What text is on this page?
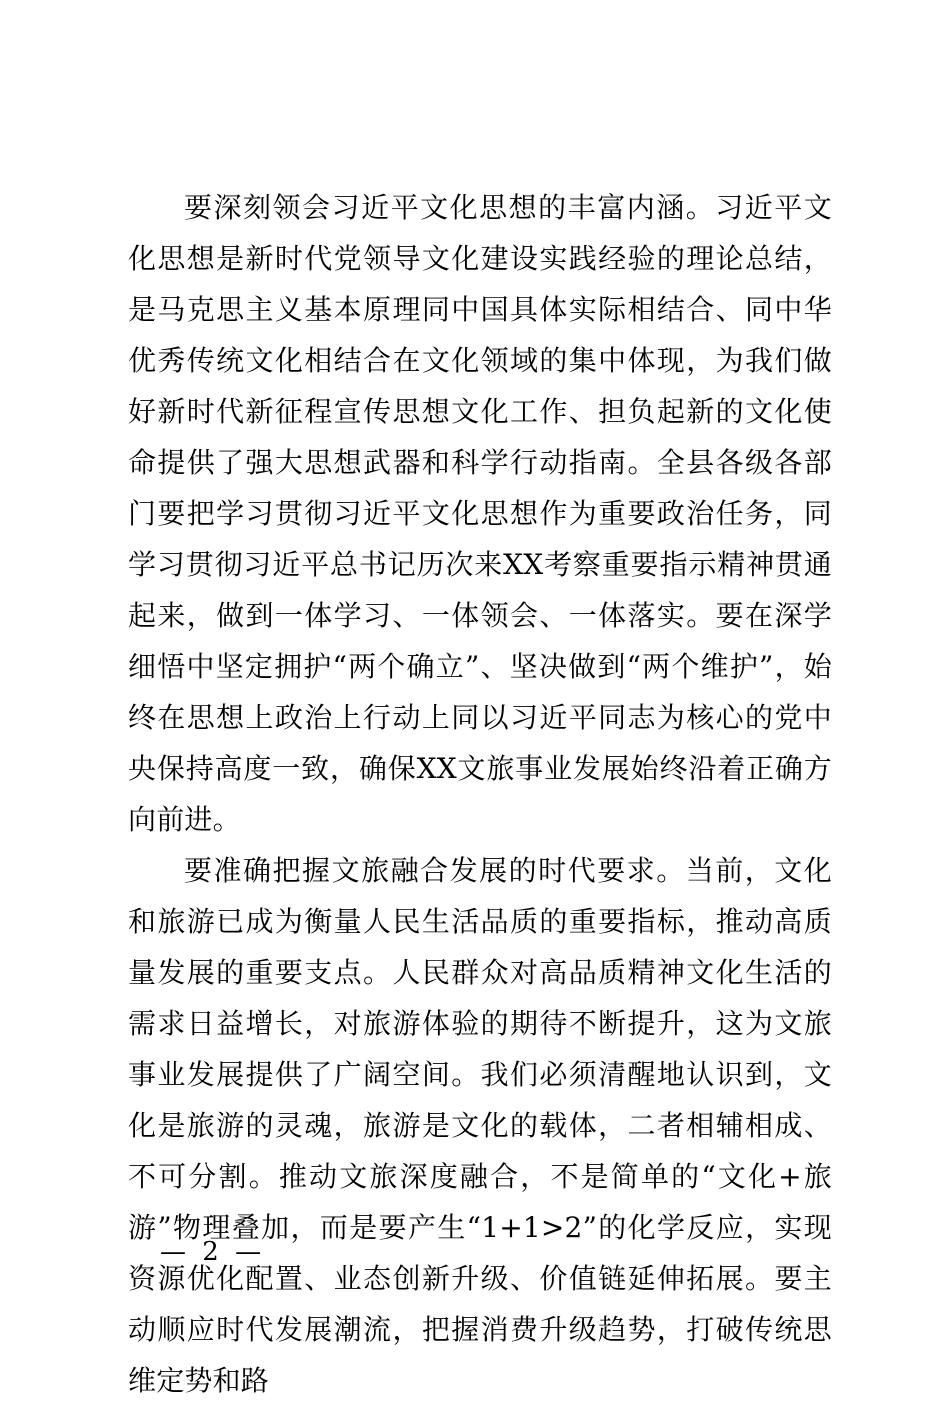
要深刻领会习近平文化思想的丰富内涵。习近平文化思想是新时代党领导文化建设实践经验的理论总结，是马克思主义基本原理同中国具体实际相结合、同中华优秀传统文化相结合在文化领域的集中体现，为我们做好新时代新征程宣传思想文化工作、担负起新的文化使命提供了强大思想武器和科学行动指南。全县各级各部门要把学习贯彻习近平文化思想作为重要政治任务，同学习贯彻习近平总书记历次来XX考察重要指示精神贯通起来，做到一体学习、一体领会、一体落实。要在深学细悟中坚定拥护“两个确立”、坚决做到“两个维护”，始终在思想上政治上行动上同以习近平同志为核心的党中央保持高度一致，确保XX文旅事业发展始终沿着正确方向前进。

要准确把握文旅融合发展的时代要求。当前，文化和旅游已成为衡量人民生活品质的重要指标，推动高质量发展的重要支点。人民群众对高品质精神文化生活的需求日益增长，对旅游体验的期待不断提升，这为文旅事业发展提供了广阔空间。我们必须清醒地认识到，文化是旅游的灵魂，旅游是文化的载体，二者相辅相成、不可分割。推动文旅深度融合，不是简单的“文化+旅游”物理叠加，而是要产生“1+1>2”的化学反应，实现资源优化配置、业态创新升级、价值链延伸拓展。要主动顺应时代发展潮流，把握消费升级趋势，打破传统思维定势和路

— 2 —
